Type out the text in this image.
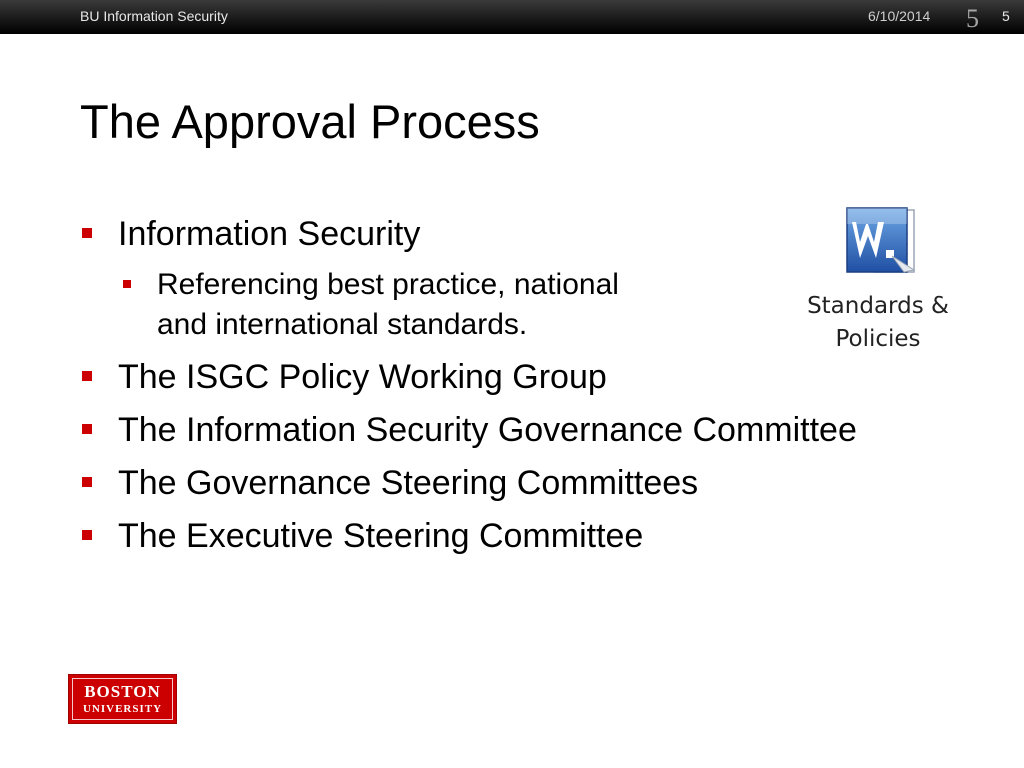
BU Information Security	6/10/2014 5 5
The Approval Process
Information Security
Referencing best practice, national
and international standards.
The ISGC Policy Working Group
The Information Security Governance Committee
The Governance Steering Committees
The Executive Steering Committee
Standards &
Policies
BOSTON
UNIVERSITY
